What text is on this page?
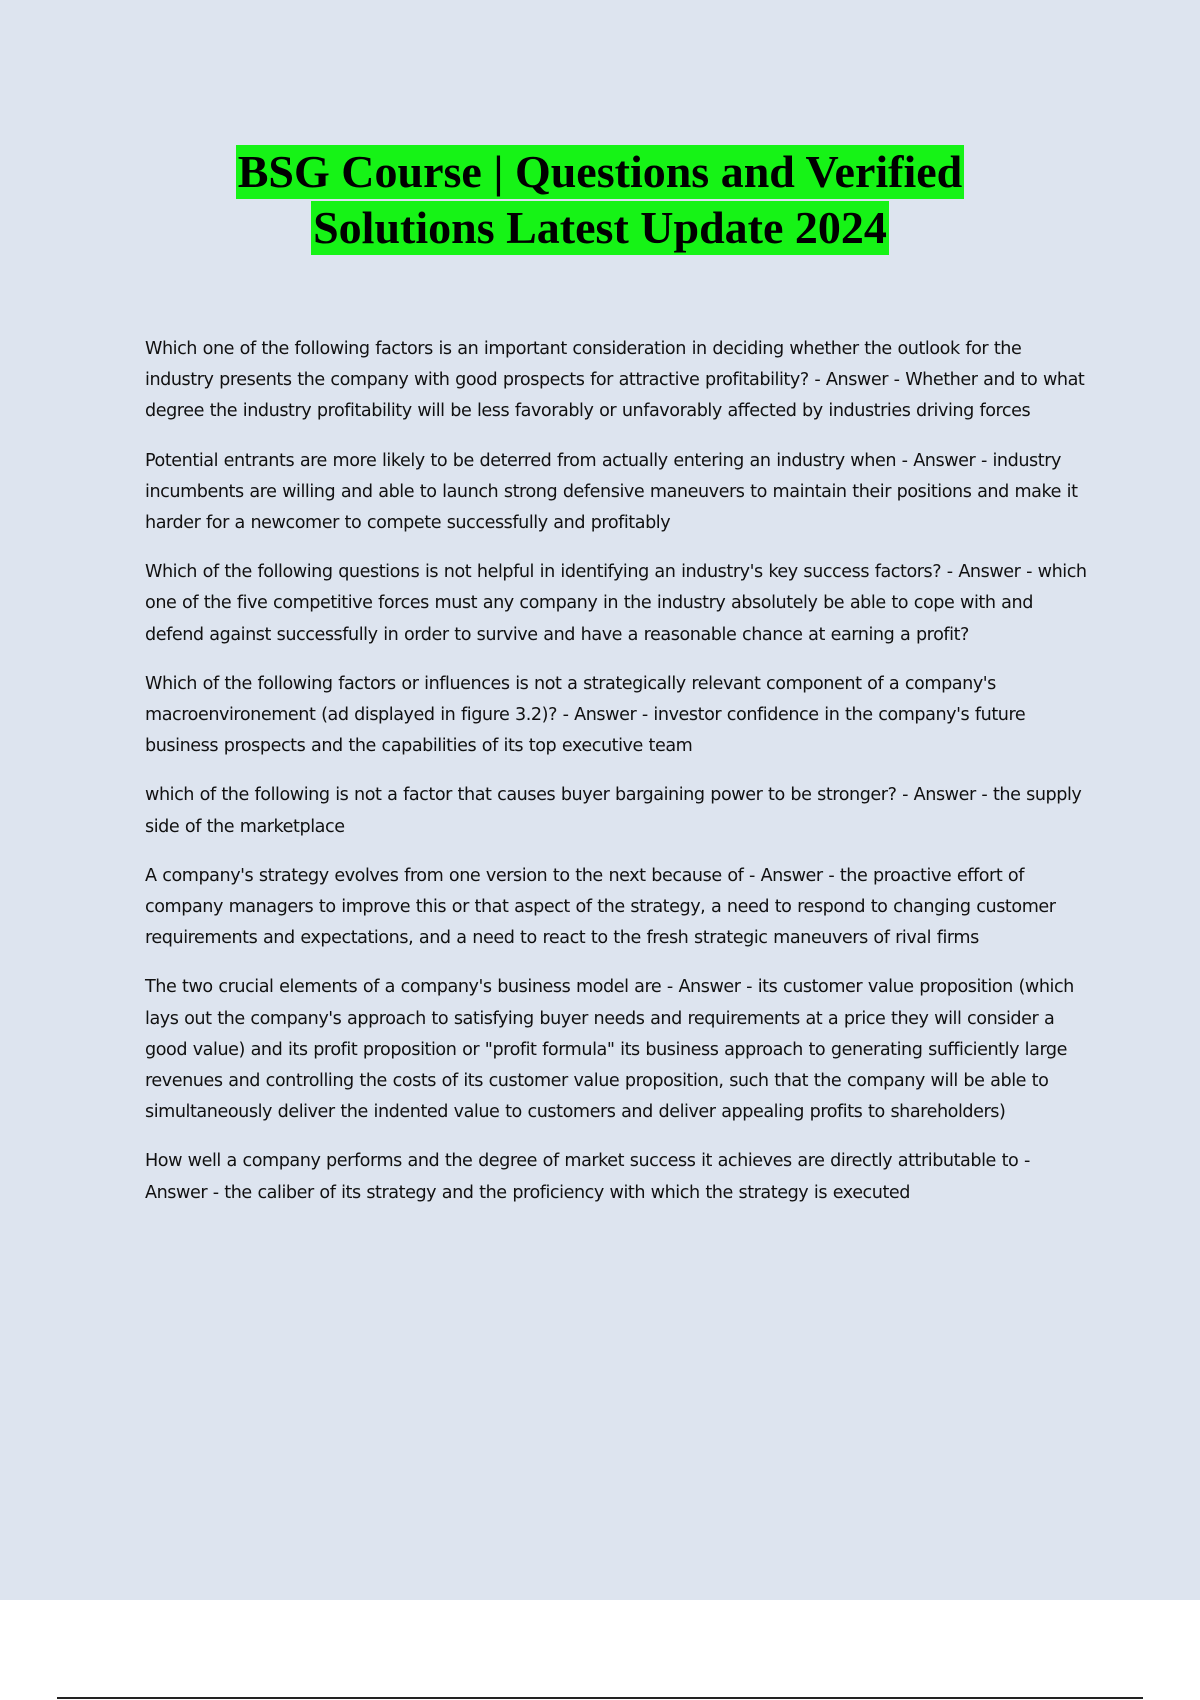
BSG Course | Questions and Verified
Solutions Latest Update 2024

Which one of the following factors is an important consideration in deciding whether the outlook for the industry presents the company with good prospects for attractive profitability? - Answer - Whether and to what degree the industry profitability will be less favorably or unfavorably affected by industries driving forces

Potential entrants are more likely to be deterred from actually entering an industry when - Answer - industry incumbents are willing and able to launch strong defensive maneuvers to maintain their positions and make it harder for a newcomer to compete successfully and profitably

Which of the following questions is not helpful in identifying an industry's key success factors? - Answer - which one of the five competitive forces must any company in the industry absolutely be able to cope with and defend against successfully in order to survive and have a reasonable chance at earning a profit?

Which of the following factors or influences is not a strategically relevant component of a company's macroenvironement (ad displayed in figure 3.2)? - Answer - investor confidence in the company's future business prospects and the capabilities of its top executive team

which of the following is not a factor that causes buyer bargaining power to be stronger? - Answer - the supply side of the marketplace

A company's strategy evolves from one version to the next because of - Answer - the proactive effort of company managers to improve this or that aspect of the strategy, a need to respond to changing customer requirements and expectations, and a need to react to the fresh strategic maneuvers of rival firms

The two crucial elements of a company's business model are - Answer - its customer value proposition (which lays out the company's approach to satisfying buyer needs and requirements at a price they will consider a good value) and its profit proposition or "profit formula" its business approach to generating sufficiently large revenues and controlling the costs of its customer value proposition, such that the company will be able to simultaneously deliver the indented value to customers and deliver appealing profits to shareholders)

How well a company performs and the degree of market success it achieves are directly attributable to - Answer - the caliber of its strategy and the proficiency with which the strategy is executed
